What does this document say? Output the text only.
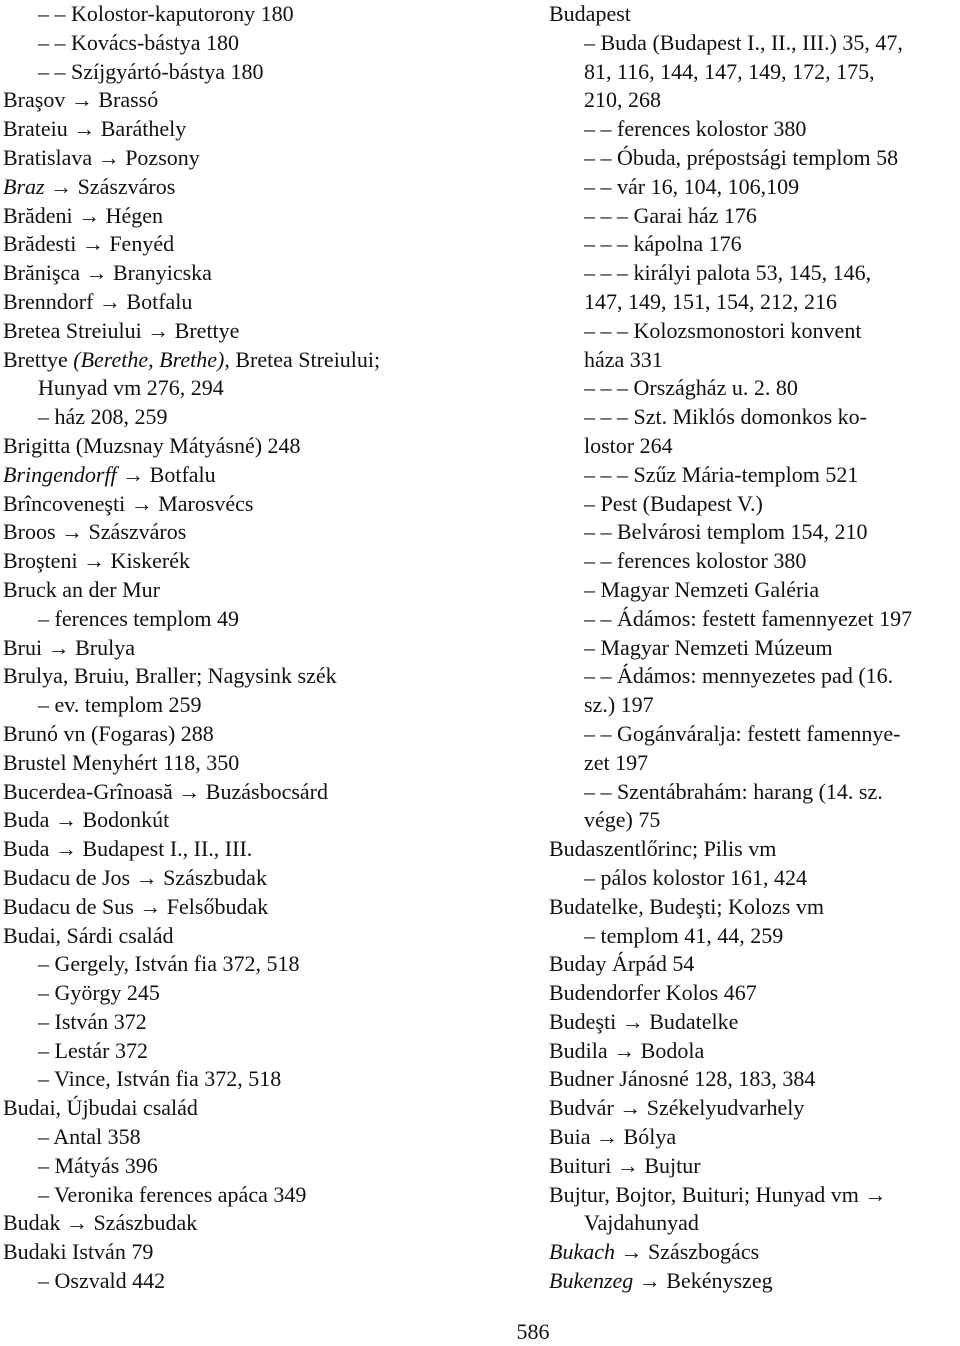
– – Kolostor-kaputorony 180
– – Kovács-bástya 180
– – Szíjgyártó-bástya 180
Braşov → Brassó
Brateiu → Baráthely
Bratislava → Pozsony
Braz → Szászváros
Brădeni → Hégen
Brădesti → Fenyéd
Brănişca → Branyicska
Brenndorf → Botfalu
Bretea Streiului → Brettye
Brettye (Berethe, Brethe), Bretea Streiului;
Hunyad vm 276, 294
– ház 208, 259
Brigitta (Muzsnay Mátyásné) 248
Bringendorff → Botfalu
Brîncoveneşti → Marosvécs
Broos → Szászváros
Broşteni → Kiskerék
Bruck an der Mur
– ferences templom 49
Brui → Brulya
Brulya, Bruiu, Braller; Nagysink szék
– ev. templom 259
Brunó vn (Fogaras) 288
Brustel Menyhért 118, 350
Bucerdea-Grînoasă → Buzásbocsárd
Buda → Bodonkút
Buda → Budapest I., II., III.
Budacu de Jos → Szászbudak
Budacu de Sus → Felsőbudak
Budai, Sárdi család
– Gergely, István fia 372, 518
– György 245
– István 372
– Lestár 372
– Vince, István fia 372, 518
Budai, Újbudai család
– Antal 358
– Mátyás 396
– Veronika ferences apáca 349
Budak → Szászbudak
Budaki István 79
– Oszvald 442
Budapest
– Buda (Budapest I., II., III.) 35, 47,
81, 116, 144, 147, 149, 172, 175,
210, 268
– – ferences kolostor 380
– – Óbuda, prépostsági templom 58
– – vár 16, 104, 106,109
– – – Garai ház 176
– – – kápolna 176
– – – királyi palota 53, 145, 146,
147, 149, 151, 154, 212, 216
– – – Kolozsmonostori konvent
háza 331
– – – Országház u. 2. 80
– – – Szt. Miklós domonkos ko-
lostor 264
– – – Szűz Mária-templom 521
– Pest (Budapest V.)
– – Belvárosi templom 154, 210
– – ferences kolostor 380
– Magyar Nemzeti Galéria
– – Ádámos: festett famennyezet 197
– Magyar Nemzeti Múzeum
– – Ádámos: mennyezetes pad (16.
sz.) 197
– – Gogánváralja: festett famennye-
zet 197
– – Szentábrahám: harang (14. sz.
vége) 75
Budaszentlőrinc; Pilis vm
– pálos kolostor 161, 424
Budatelke, Budeşti; Kolozs vm
– templom 41, 44, 259
Buday Árpád 54
Budendorfer Kolos 467
Budeşti → Budatelke
Budila → Bodola
Budner Jánosné 128, 183, 384
Budvár → Székelyudvarhely
Buia → Bólya
Buituri → Bujtur
Bujtur, Bojtor, Buituri; Hunyad vm →
Vajdahunyad
Bukach → Szászbogács
Bukenzeg → Bekényszeg
586
